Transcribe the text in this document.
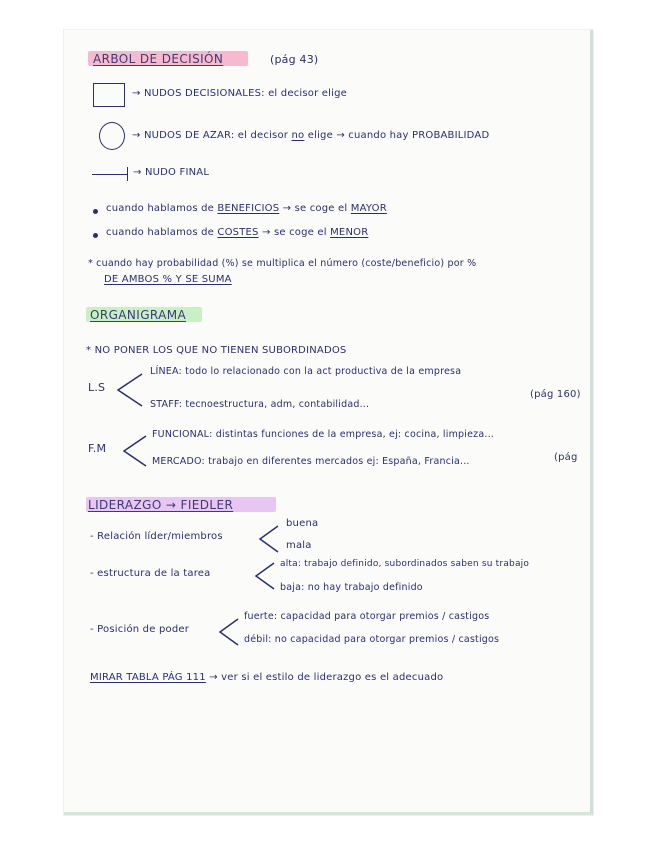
ARBOL DE DECISIÓN	(pág 43)
→ NUDOS DECISIONALES: el decisor elige
→ NUDOS DE AZAR: el decisor no elige → cuando hay PROBABILIDAD
→ NUDO FINAL
cuando hablamos de BENEFICIOS → se coge el MAYOR
cuando hablamos de COSTES → se coge el MENOR
* cuando hay probabilidad (%) se multiplica el número (coste/beneficio) por %
DE AMBOS % Y SE SUMA
ORGANIGRAMA
* NO PONER LOS QUE NO TIENEN SUBORDINADOS
L.S
LÍNEA: todo lo relacionado con la act productiva de la empresa
STAFF: tecnoestructura, adm, contabilidad...
(pág 160)
F.M
FUNCIONAL: distintas funciones de la empresa, ej: cocina, limpieza...
MERCADO: trabajo en diferentes mercados ej: España, Francia...	(pág
LIDERAZGO → FIEDLER
- Relación líder/miembros
buena
mala
- estructura de la tarea
alta: trabajo definido, subordinados saben su trabajo
baja: no hay trabajo definido
- Posición de poder
fuerte: capacidad para otorgar premios / castigos
débil: no capacidad para otorgar premios / castigos
MIRAR TABLA PÁG 111 → ver si el estilo de liderazgo es el adecuado
